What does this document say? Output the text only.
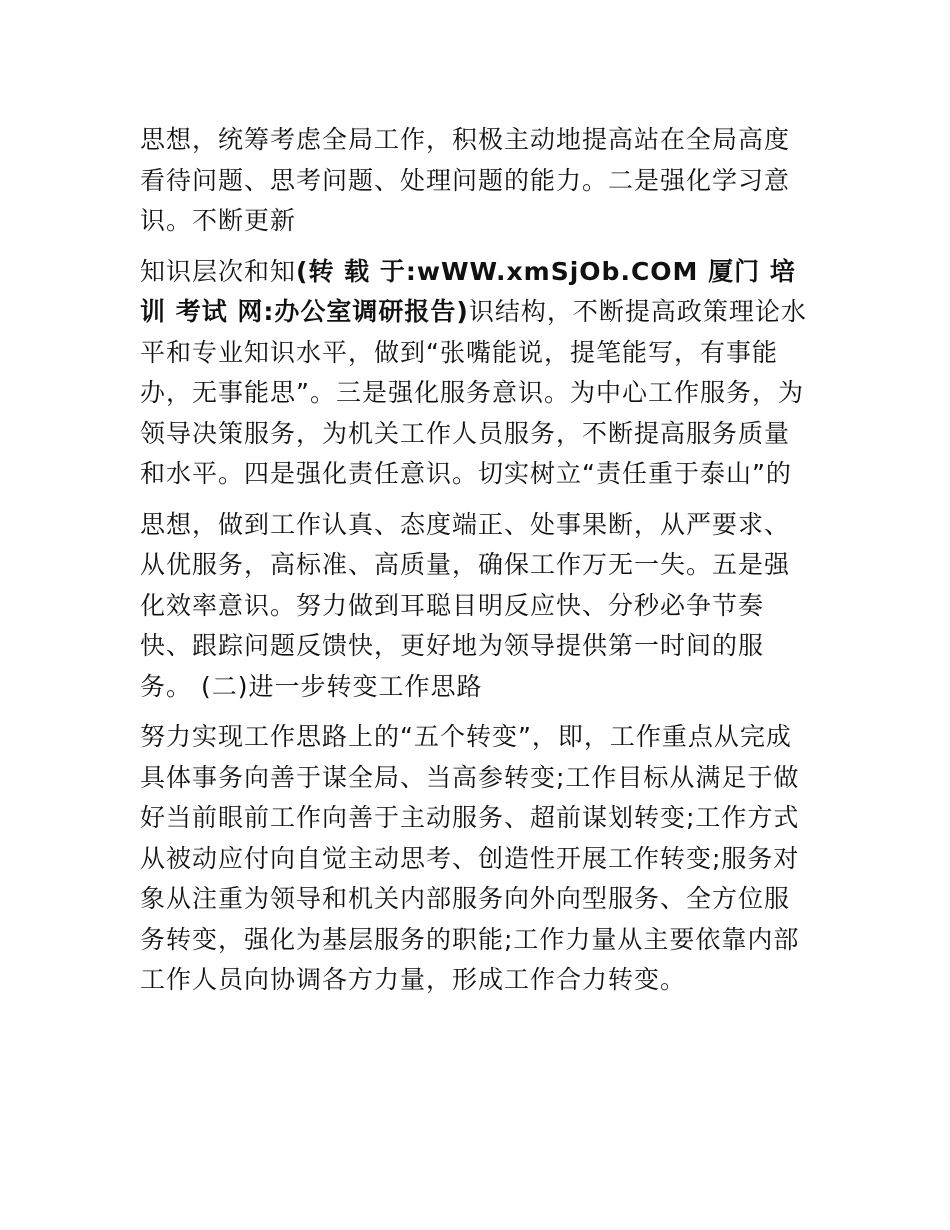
思想，统筹考虑全局工作，积极主动地提高站在全局高度看待问题、思考问题、处理问题的能力。二是强化学习意识。不断更新

知识层次和知(转 载 于:wWW.xmSjOb.COM 厦门 培训 考试 网:办公室调研报告)识结构，不断提高政策理论水平和专业知识水平，做到“张嘴能说，提笔能写，有事能办，无事能思”。三是强化服务意识。为中心工作服务，为领导决策服务，为机关工作人员服务，不断提高服务质量和水平。四是强化责任意识。切实树立“责任重于泰山”的

思想，做到工作认真、态度端正、处事果断，从严要求、从优服务，高标准、高质量，确保工作万无一失。五是强化效率意识。努力做到耳聪目明反应快、分秒必争节奏快、跟踪问题反馈快，更好地为领导提供第一时间的服务。 (二)进一步转变工作思路

努力实现工作思路上的“五个转变”，即，工作重点从完成具体事务向善于谋全局、当高参转变;工作目标从满足于做好当前眼前工作向善于主动服务、超前谋划转变;工作方式从被动应付向自觉主动思考、创造性开展工作转变;服务对象从注重为领导和机关内部服务向外向型服务、全方位服务转变，强化为基层服务的职能;工作力量从主要依靠内部工作人员向协调各方力量，形成工作合力转变。
